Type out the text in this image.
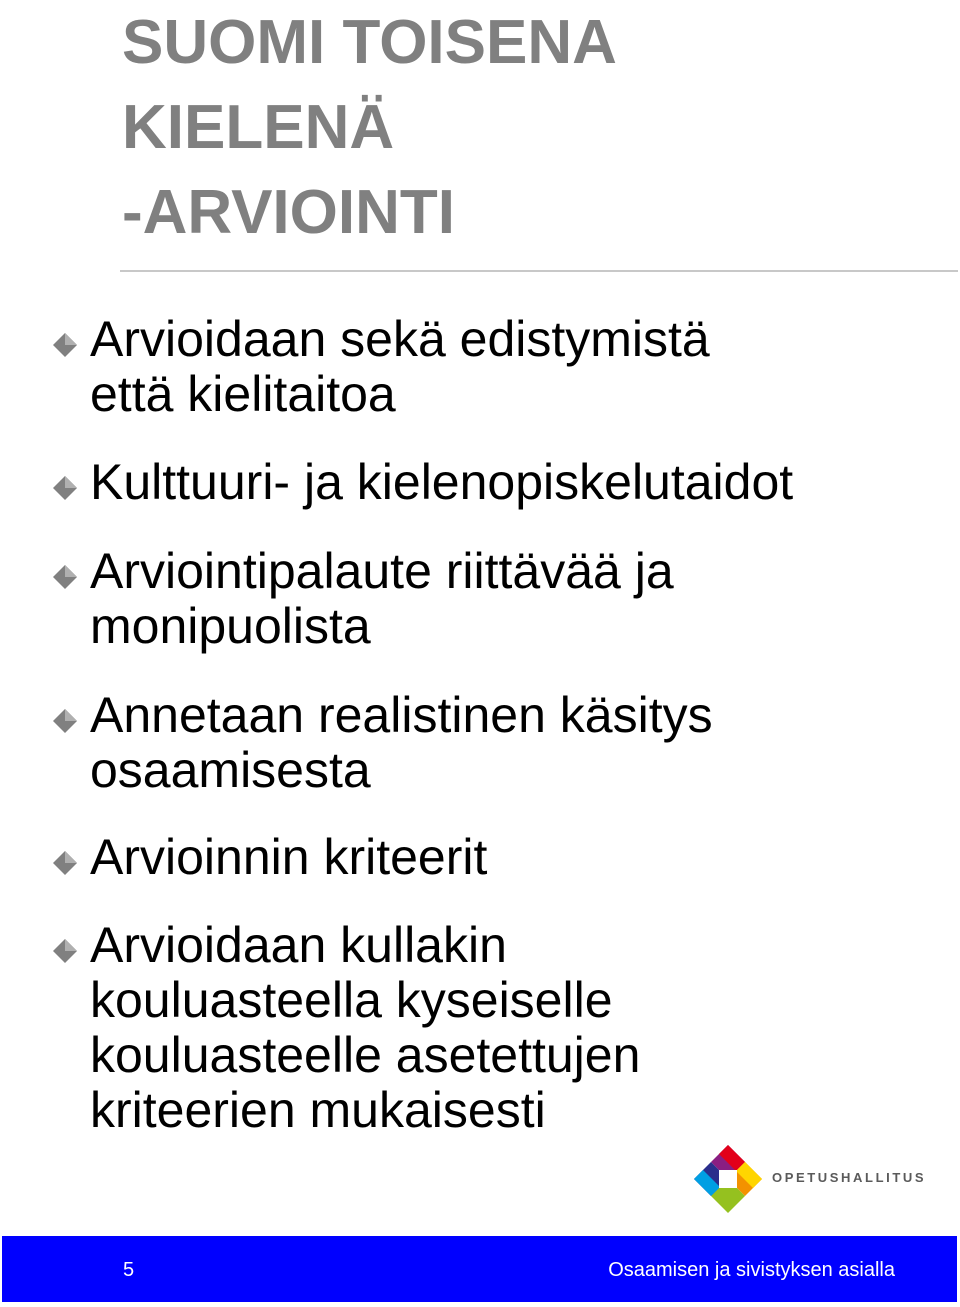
SUOMI TOISENA
KIELENÄ
-ARVIOINTI
Arvioidaan sekä edistymistä
että kielitaitoa
Kulttuuri- ja kielenopiskelutaidot
Arviointipalaute riittävää ja
monipuolista
Annetaan realistinen käsitys
osaamisesta
Arvioinnin kriteerit
Arvioidaan kullakin
kouluasteella kyseiselle
kouluasteelle asetettujen
kriteerien mukaisesti
OPETUSHALLITUS
5	Osaamisen ja sivistyksen asialla
